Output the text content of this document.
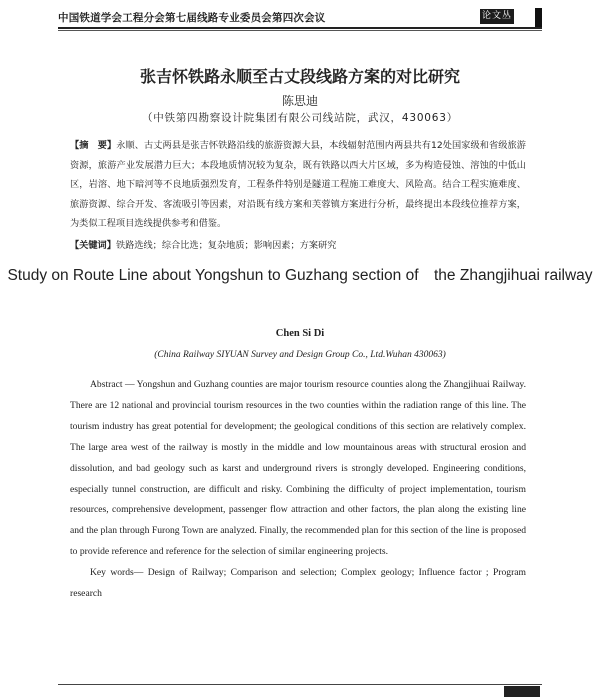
中国铁道学会工程分会第七届线路专业委员会第四次会议	论文丛
张吉怀铁路永顺至古丈段线路方案的对比研究
陈思迪
（中铁第四勘察设计院集团有限公司线站院，武汉，430063）
【摘　要】永顺、古丈两县是张吉怀铁路沿线的旅游资源大县，本线辐射范围内两县共有12处国家级和省级旅游资源，旅游产业发展潜力巨大；本段地质情况较为复杂，既有铁路以西大片区域，多为构造侵蚀、溶蚀的中低山区，岩溶、地下暗河等不良地质强烈发育，工程条件特别是隧道工程施工难度大、风险高。结合工程实施难度、旅游资源、综合开发、客流吸引等因素，对沿既有线方案和芙蓉镇方案进行分析，最终提出本段线位推荐方案，为类似工程项目选线提供参考和借鉴。
【关键词】铁路选线；综合比选；复杂地质；影响因素；方案研究
Study on Route Line about Yongshun to Guzhang section of　the Zhangjihuai railway
Chen Si Di
(China Railway SIYUAN Survey and Design Group Co., Ltd.Wuhan 430063)
Abstract — Yongshun and Guzhang counties are major tourism resource counties along the Zhangjihuai Railway. There are 12 national and provincial tourism resources in the two counties within the radiation range of this line. The tourism industry has great potential for development; the geological conditions of this section are relatively complex. The large area west of the railway is mostly in the middle and low mountainous areas with structural erosion and dissolution, and bad geology such as karst and underground rivers is strongly developed. Engineering conditions, especially tunnel construction, are difficult and risky. Combining the difficulty of project implementation, tourism resources, comprehensive development, passenger flow attraction and other factors, the plan along the existing line and the plan through Furong Town are analyzed. Finally, the recommended plan for this section of the line is proposed to provide reference and reference for the selection of similar engineering projects.
Key words— Design of Railway; Comparison and selection; Complex geology; Influence factor ; Program research
